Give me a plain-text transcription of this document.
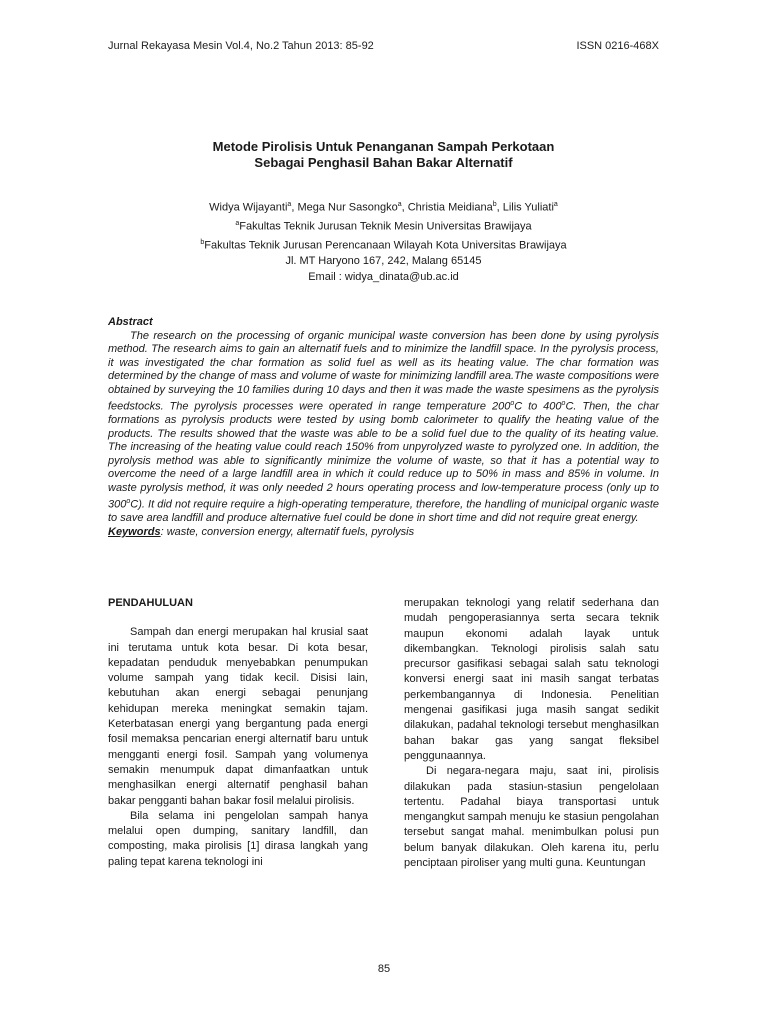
Jurnal Rekayasa Mesin Vol.4, No.2 Tahun 2013: 85-92	ISSN 0216-468X
Metode Pirolisis Untuk Penanganan Sampah Perkotaan
Sebagai Penghasil Bahan Bakar Alternatif
Widya Wijayanti$^a$, Mega Nur Sasongko$^a$, Christia Meidiana$^b$, Lilis Yuliati$^a$
$^a$Fakultas Teknik Jurusan Teknik Mesin Universitas Brawijaya
$^b$Fakultas Teknik Jurusan Perencanaan Wilayah Kota Universitas Brawijaya
Jl. MT Haryono 167, 242, Malang 65145
Email : widya_dinata@ub.ac.id
Abstract
The research on the processing of organic municipal waste conversion has been done by using pyrolysis method. The research aims to gain an alternatif fuels and to minimize the landfill space. In the pyrolysis process, it was investigated the char formation as solid fuel as well as its heating value. The char formation was determined by the change of mass and volume of waste for minimizing landfill area.The waste compositions were obtained by surveying the 10 families during 10 days and then it was made the waste spesimens as the pyrolysis feedstocks. The pyrolysis processes were operated in range temperature 200$^o$C to 400$^o$C. Then, the char formations as pyrolysis products were tested by using bomb calorimeter to qualify the heating value of the products. The results showed that the waste was able to be a solid fuel due to the quality of its heating value. The increasing of the heating value could reach 150% from unpyrolyzed waste to pyrolyzed one. In addition, the pyrolysis method was able to significantly minimize the volume of waste, so that it has a potential way to overcome the need of a large landfill area in which it could reduce up to 50% in mass and 85% in volume. In waste pyrolysis method, it was only needed 2 hours operating process and low-temperature process (only up to 300$^o$C). It did not require require a high-operating temperature, therefore, the handling of municipal organic waste to save area landfill and produce alternative fuel could be done in short time and did not require great energy.
Keywords: waste, conversion energy, alternatif fuels, pyrolysis
PENDAHULUAN
Sampah dan energi merupakan hal krusial saat ini terutama untuk kota besar. Di kota besar, kepadatan penduduk menyebabkan penumpukan volume sampah yang tidak kecil. Disisi lain, kebutuhan akan energi sebagai penunjang kehidupan mereka meningkat semakin tajam. Keterbatasan energi yang bergantung pada energi fosil memaksa pencarian energi alternatif baru untuk mengganti energi fosil. Sampah yang volumenya semakin menumpuk dapat dimanfaatkan untuk menghasilkan energi alternatif penghasil bahan bakar pengganti bahan bakar fosil melalui pirolisis.
Bila selama ini pengelolan sampah hanya melalui open dumping, sanitary landfill, dan composting, maka pirolisis [1] dirasa langkah yang paling tepat karena teknologi ini
merupakan teknologi yang relatif sederhana dan mudah pengoperasiannya serta secara teknik maupun ekonomi adalah layak untuk dikembangkan. Teknologi pirolisis salah satu precursor gasifikasi sebagai salah satu teknologi konversi energi saat ini masih sangat terbatas perkembangannya di Indonesia. Penelitian mengenai gasifikasi juga masih sangat sedikit dilakukan, padahal teknologi tersebut menghasilkan bahan bakar gas yang sangat fleksibel penggunaannya.
Di negara-negara maju, saat ini, pirolisis dilakukan pada stasiun-stasiun pengelolaan tertentu. Padahal biaya transportasi untuk mengangkut sampah menuju ke stasiun pengolahan tersebut sangat mahal. menimbulkan polusi pun belum banyak dilakukan. Oleh karena itu, perlu penciptaan piroliser yang multi guna. Keuntungan
85
